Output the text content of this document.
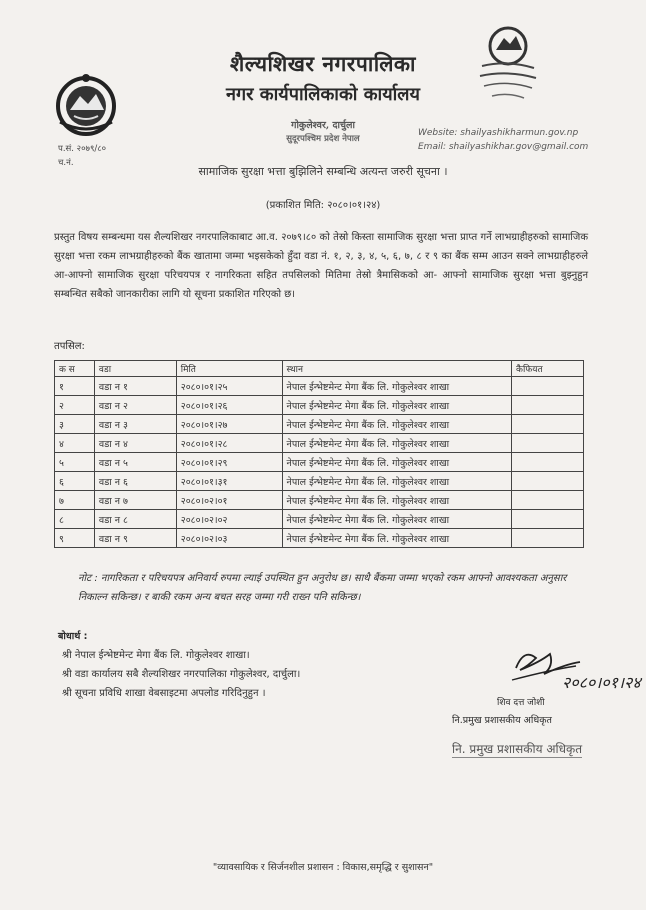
प.सं. २०७९/८०
च.नं.
शैल्यशिखर नगरपालिका
नगर कार्यपालिकाको कार्यालय
गोकुलेश्वर, दार्चुला
सुदूरपश्चिम प्रदेश नेपाल
Website: shailyashikharmun.gov.np
Email: shailyashikhar.gov@gmail.com
सामाजिक सुरक्षा भत्ता बुझिलिने सम्बन्धि अत्यन्त जरुरी सूचना ।
(प्रकाशित मिति: २०८०।०१।२४)
प्रस्तुत विषय सम्बन्धमा यस शैल्यशिखर नगरपालिकाबाट आ.व. २०७९।८० को तेस्रो किस्ता सामाजिक सुरक्षा भत्ता प्राप्त गर्ने लाभग्राहीहरुको सामाजिक सुरक्षा भत्ता रकम लाभग्राहीहरुको बैंक खातामा जम्मा भइसकेको हुँदा वडा नं. १, २, ३, ४, ५, ६, ७, ८ र ९ का बैंक सम्म आउन सक्ने लाभग्राहीहरुले आ-आफ्नो सामाजिक सुरक्षा परिचयपत्र र नागरिकता सहित तपसिलको मितिमा तेस्रो त्रैमासिकको आ- आफ्नो सामाजिक सुरक्षा भत्ता बुझ्नुहुन सम्बन्धित सबैको जानकारीका लागि यो सूचना प्रकाशित गरिएको छ।
तपसिल:
क स	वडा	मिति	स्थान	कैफियत
१	वडा न १	२०८०।०१।२५	नेपाल ईन्भेष्टमेन्ट मेगा बैंक लि. गोकुलेश्वर शाखा	
२	वडा न २	२०८०।०१।२६	नेपाल ईन्भेष्टमेन्ट मेगा बैंक लि. गोकुलेश्वर शाखा	
३	वडा न ३	२०८०।०१।२७	नेपाल ईन्भेष्टमेन्ट मेगा बैंक लि. गोकुलेश्वर शाखा	
४	वडा न ४	२०८०।०१।२८	नेपाल ईन्भेष्टमेन्ट मेगा बैंक लि. गोकुलेश्वर शाखा	
५	वडा न ५	२०८०।०१।२९	नेपाल ईन्भेष्टमेन्ट मेगा बैंक लि. गोकुलेश्वर शाखा	
६	वडा न ६	२०८०।०१।३१	नेपाल ईन्भेष्टमेन्ट मेगा बैंक लि. गोकुलेश्वर शाखा	
७	वडा न ७	२०८०।०२।०१	नेपाल ईन्भेष्टमेन्ट मेगा बैंक लि. गोकुलेश्वर शाखा	
८	वडा न ८	२०८०।०२।०२	नेपाल ईन्भेष्टमेन्ट मेगा बैंक लि. गोकुलेश्वर शाखा	
९	वडा न ९	२०८०।०२।०३	नेपाल ईन्भेष्टमेन्ट मेगा बैंक लि. गोकुलेश्वर शाखा	
नोट : नागरिकता र परिचयपत्र अनिवार्य रुपमा ल्याई उपस्थित हुन अनुरोध छ। साथै बैंकमा जम्मा भएको रकम आफ्नो आवश्यकता अनुसार निकाल्न सकिन्छ। र बाकी रकम अन्य बचत सरह जम्मा गरी राख्न पनि सकिन्छ।
बोधार्थ :
श्री नेपाल ईन्भेष्टमेन्ट मेगा बैंक लि. गोकुलेश्वर शाखा।
श्री वडा कार्यालय सबै शैल्यशिखर नगरपालिका गोकुलेश्वर, दार्चुला।
श्री सूचना प्रविधि शाखा वेबसाइटमा अपलोड गरिदिनुहुन ।
२०८०।०१।२४
शिव दत्त जोशी
नि.प्रमुख प्रशासकीय अधिकृत
नि. प्रमुख प्रशासकीय अधिकृत
"व्यावसायिक र सिर्जनशील प्रशासन : विकास,समृद्धि र सुशासन"
